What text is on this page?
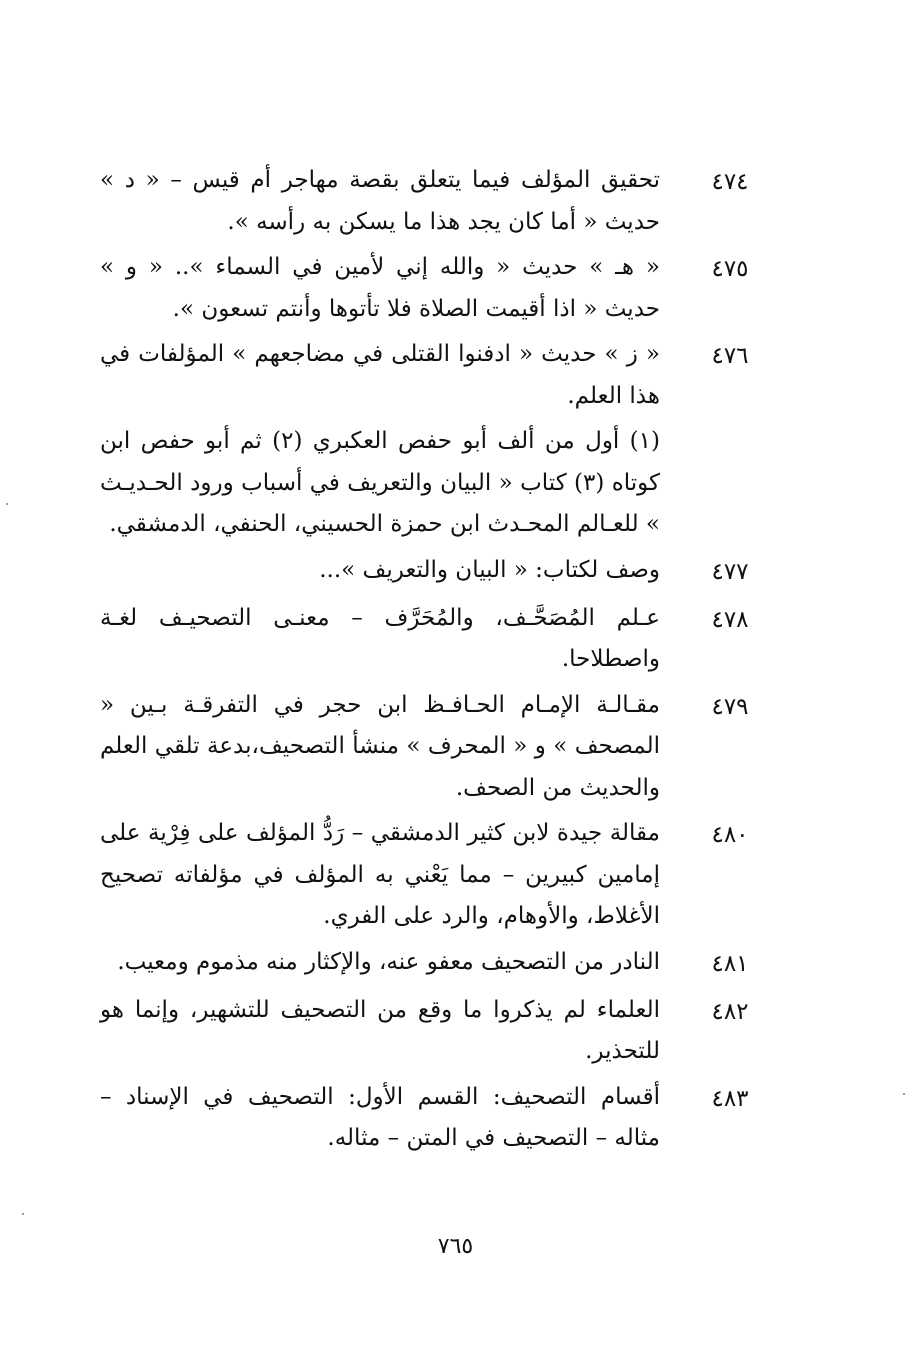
٤٧٤
تحقيق المؤلف فيما يتعلق بقصة مهاجر أم قيس – « د » حديث « أما كان يجد هذا ما يسكن به رأسه ».
٤٧٥
« هـ » حديث « والله إني لأمين في السماء ».. « و » حديث « اذا أقيمت الصلاة فلا تأتوها وأنتم تسعون ».
٤٧٦
« ز » حديث « ادفنوا القتلى في مضاجعهم » المؤلفات في هذا العلم.
(١) أول من ألف أبو حفص العكبري (٢) ثم أبو حفص ابن كوتاه (٣) كتاب « البيان والتعريف في أسباب ورود الحـديـث » للعـالم المحـدث ابن حمزة الحسيني، الحنفي، الدمشقي.
٤٧٧
وصف لكتاب: « البيان والتعريف »...
٤٧٨
عـلم المُصَحَّـف، والمُحَرَّف – معنـى التصحيـف لغـة واصطلاحا.
٤٧٩
مقـالـة الإمـام الحـافـظ ابن حجر في التفرقـة بـين « المصحف » و « المحرف » منشأ التصحيف،بدعة تلقي العلم والحديث من الصحف.
٤٨٠
مقالة جيدة لابن كثير الدمشقي – رَدُّ المؤلف على فِرْية على إمامين كبيرين – مما يَعْني به المؤلف في مؤلفاته تصحيح الأغلاط، والأوهام، والرد على الفري.
٤٨١
النادر من التصحيف معفو عنه، والإكثار منه مذموم ومعيب.
٤٨٢
العلماء لم يذكروا ما وقع من التصحيف للتشهير، وإنما هو للتحذير.
٤٨٣
أقسام التصحيف: القسم الأول: التصحيف في الإسناد – مثاله – التصحيف في المتن – مثاله.
٧٦٥
